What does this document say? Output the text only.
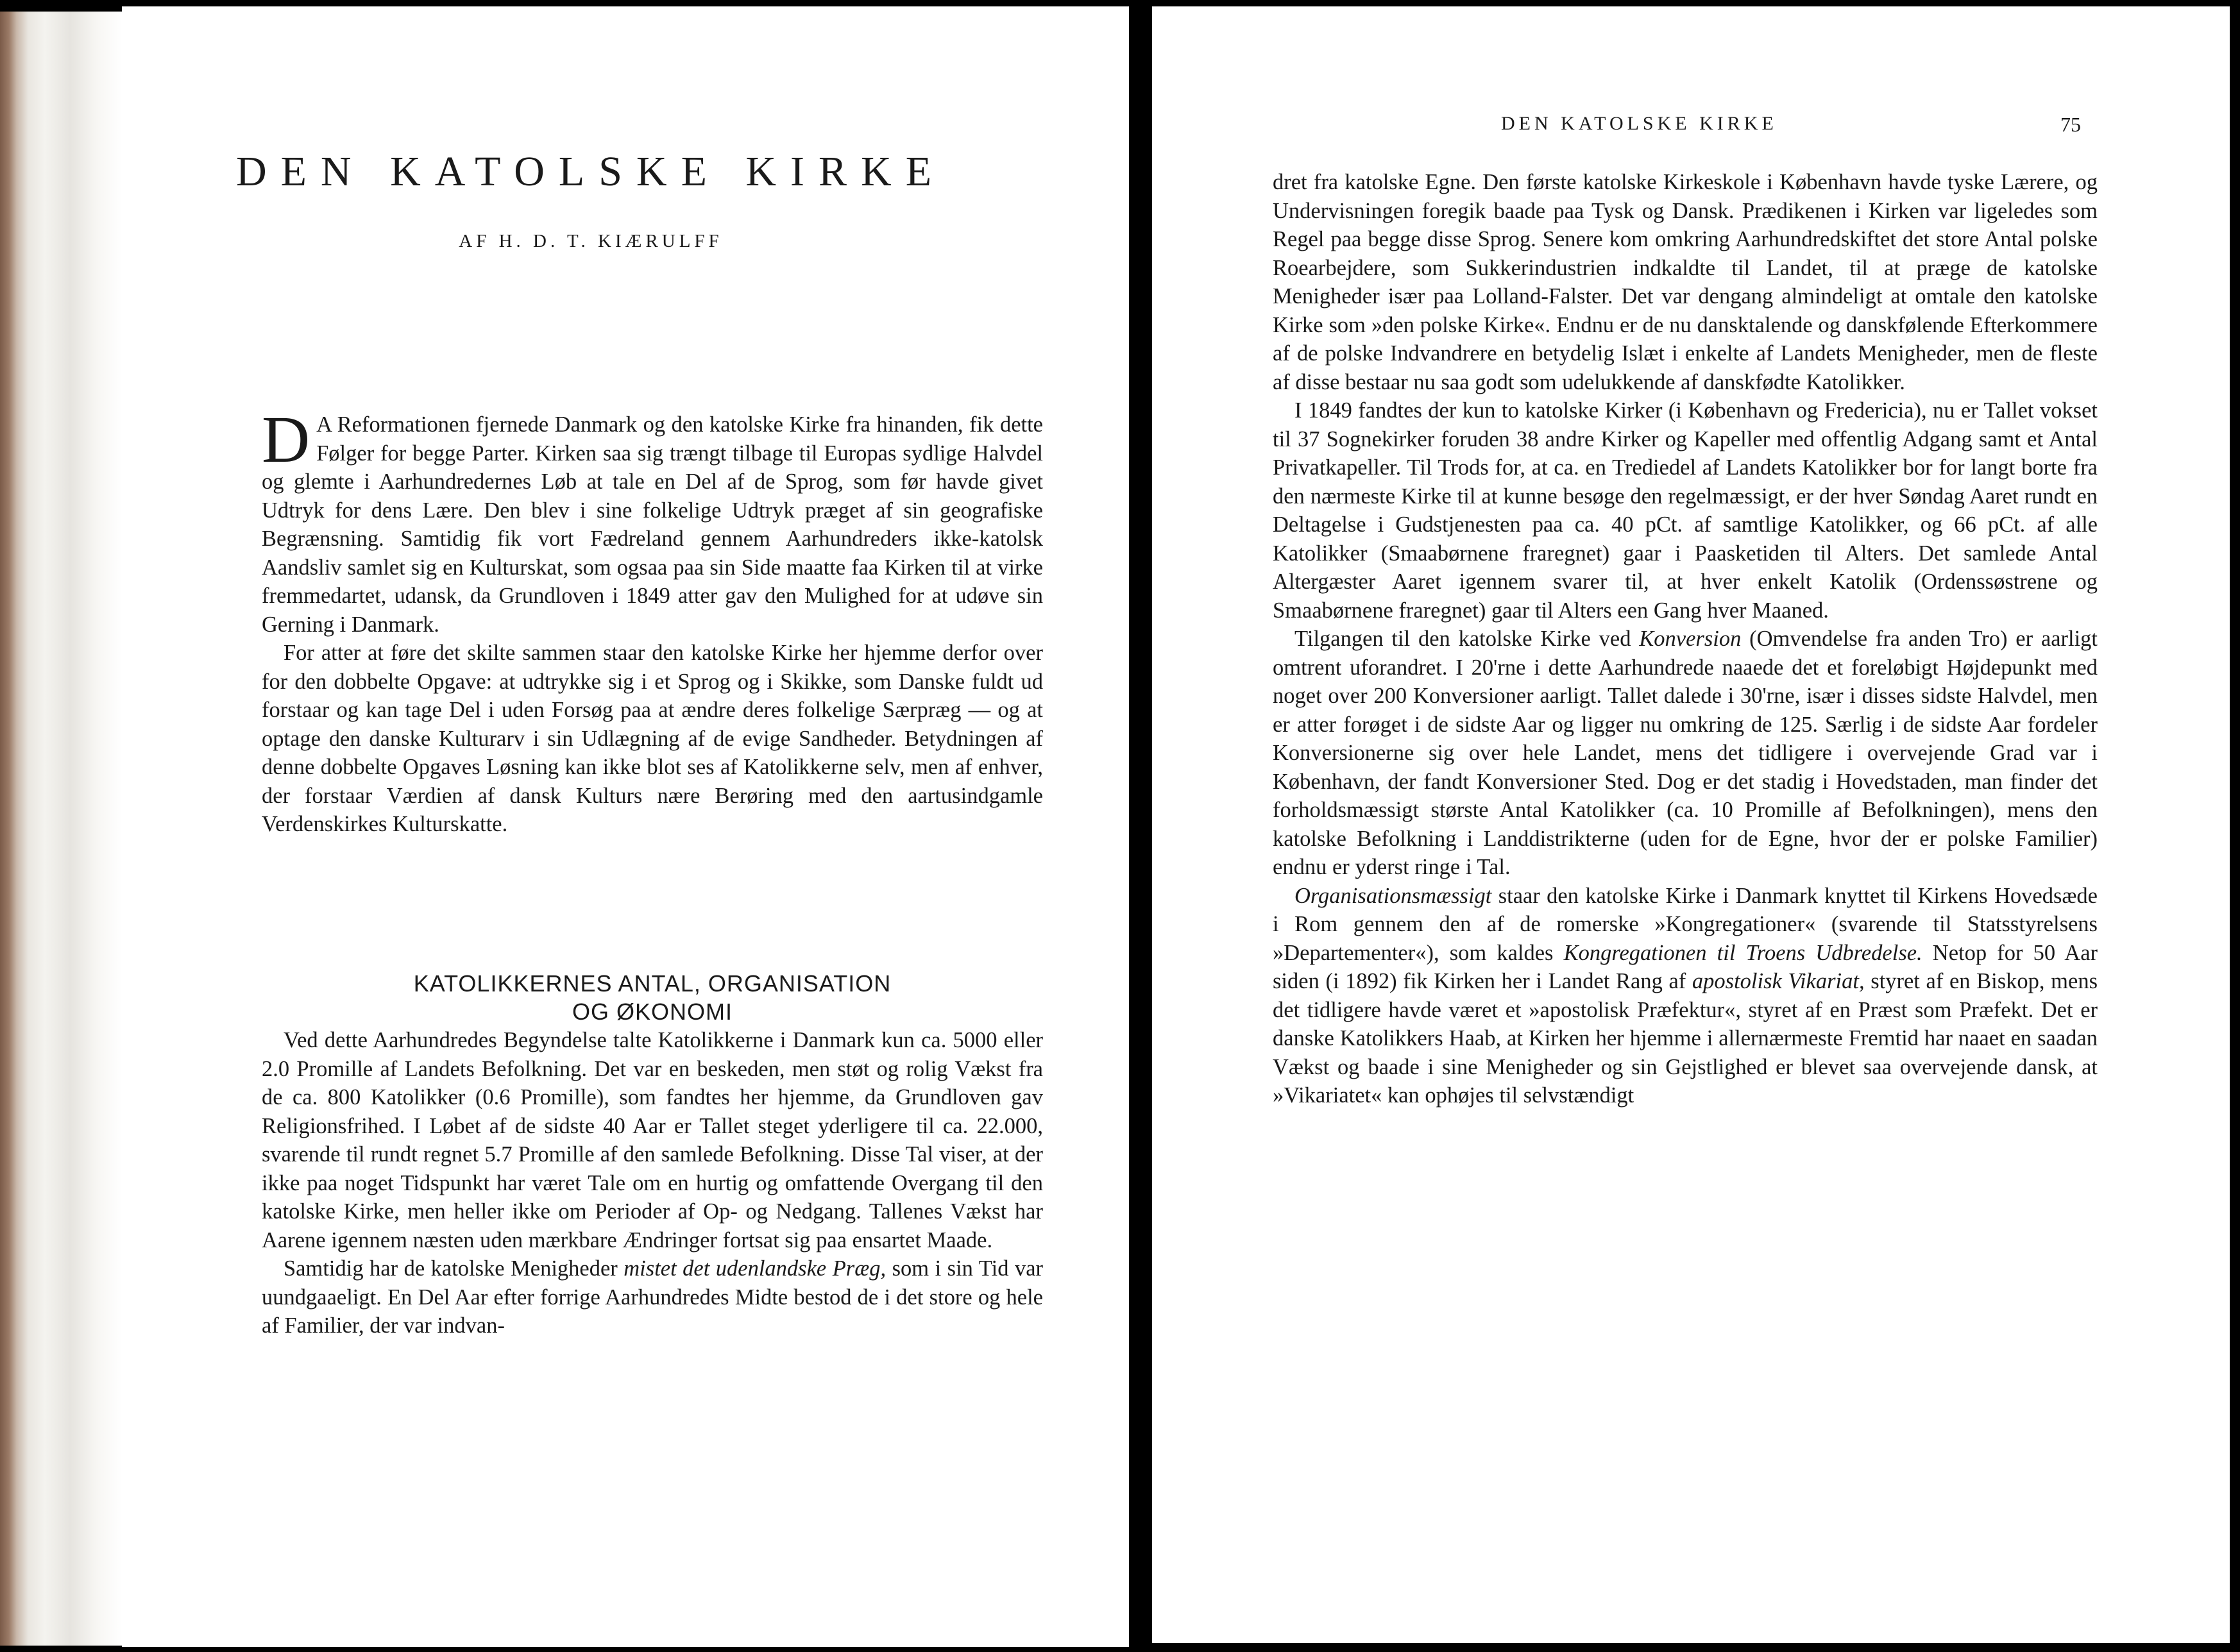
DEN KATOLSKE KIRKE
AF H. D. T. KIÆRULFF

D A Reformationen fjernede Danmark og den katolske Kirke fra hinanden, fik dette Følger for begge Parter. Kirken saa sig trængt tilbage til Europas sydlige Halvdel og glemte i Aarhundredernes Løb at tale en Del af de Sprog, som før havde givet Udtryk for dens Lære. Den blev i sine folkelige Udtryk præget af sin geografiske Begrænsning. Samtidig fik vort Fædreland gennem Aarhundreders ikke-katolsk Aandsliv samlet sig en Kulturskat, som ogsaa paa sin Side maatte faa Kirken til at virke fremmedartet, udansk, da Grundloven i 1849 atter gav den Mulighed for at udøve sin Gerning i Danmark.

For atter at føre det skilte sammen staar den katolske Kirke her hjemme derfor over for den dobbelte Opgave: at udtrykke sig i et Sprog og i Skikke, som Danske fuldt ud forstaar og kan tage Del i uden Forsøg paa at ændre deres folkelige Særpræg — og at optage den danske Kulturarv i sin Udlægning af de evige Sandheder. Betydningen af denne dobbelte Opgaves Løsning kan ikke blot ses af Katolikkerne selv, men af enhver, der forstaar Værdien af dansk Kulturs nære Berøring med den aartusindgamle Verdenskirkes Kulturskatte.

KATOLIKKERNES ANTAL, ORGANISATION
OG ØKONOMI

Ved dette Aarhundredes Begyndelse talte Katolikkerne i Danmark kun ca. 5000 eller 2.0 Promille af Landets Befolkning. Det var en beskeden, men støt og rolig Vækst fra de ca. 800 Katolikker (0.6 Promille), som fandtes her hjemme, da Grundloven gav Religionsfrihed. I Løbet af de sidste 40 Aar er Tallet steget yderligere til ca. 22.000, svarende til rundt regnet 5.7 Promille af den samlede Befolkning. Disse Tal viser, at der ikke paa noget Tidspunkt har været Tale om en hurtig og omfattende Overgang til den katolske Kirke, men heller ikke om Perioder af Op- og Nedgang. Tallenes Vækst har Aarene igennem næsten uden mærkbare Ændringer fortsat sig paa ensartet Maade.

Samtidig har de katolske Menigheder mistet det udenlandske Præg, som i sin Tid var uundgaaeligt. En Del Aar efter forrige Aarhundredes Midte bestod de i det store og hele af Familier, der var indvan-

DEN KATOLSKE KIRKE	75

dret fra katolske Egne. Den første katolske Kirkeskole i København havde tyske Lærere, og Undervisningen foregik baade paa Tysk og Dansk. Prædikenen i Kirken var ligeledes som Regel paa begge disse Sprog. Senere kom omkring Aarhundredskiftet det store Antal polske Roearbejdere, som Sukkerindustrien indkaldte til Landet, til at præge de katolske Menigheder især paa Lolland-Falster. Det var dengang almindeligt at omtale den katolske Kirke som »den polske Kirke«. Endnu er de nu dansktalende og danskfølende Efterkommere af de polske Indvandrere en betydelig Islæt i enkelte af Landets Menigheder, men de fleste af disse bestaar nu saa godt som udelukkende af danskfødte Katolikker.

I 1849 fandtes der kun to katolske Kirker (i København og Fredericia), nu er Tallet vokset til 37 Sognekirker foruden 38 andre Kirker og Kapeller med offentlig Adgang samt et Antal Privatkapeller. Til Trods for, at ca. en Trediedel af Landets Katolikker bor for langt borte fra den nærmeste Kirke til at kunne besøge den regelmæssigt, er der hver Søndag Aaret rundt en Deltagelse i Gudstjenesten paa ca. 40 pCt. af samtlige Katolikker, og 66 pCt. af alle Katolikker (Smaabørnene fraregnet) gaar i Paasketiden til Alters. Det samlede Antal Altergæster Aaret igennem svarer til, at hver enkelt Katolik (Ordenssøstrene og Smaabørnene fraregnet) gaar til Alters een Gang hver Maaned.

Tilgangen til den katolske Kirke ved Konversion (Omvendelse fra anden Tro) er aarligt omtrent uforandret. I 20'rne i dette Aarhundrede naaede det et foreløbigt Højdepunkt med noget over 200 Konversioner aarligt. Tallet dalede i 30'rne, især i disses sidste Halvdel, men er atter forøget i de sidste Aar og ligger nu omkring de 125. Særlig i de sidste Aar fordeler Konversionerne sig over hele Landet, mens det tidligere i overvejende Grad var i København, der fandt Konversioner Sted. Dog er det stadig i Hovedstaden, man finder det forholdsmæssigt største Antal Katolikker (ca. 10 Promille af Befolkningen), mens den katolske Befolkning i Landdistrikterne (uden for de Egne, hvor der er polske Familier) endnu er yderst ringe i Tal.

Organisationsmæssigt staar den katolske Kirke i Danmark knyttet til Kirkens Hovedsæde i Rom gennem den af de romerske »Kongregationer« (svarende til Statsstyrelsens »Departementer«), som kaldes Kongregationen til Troens Udbredelse. Netop for 50 Aar siden (i 1892) fik Kirken her i Landet Rang af apostolisk Vikariat, styret af en Biskop, mens det tidligere havde været et »apostolisk Præfektur«, styret af en Præst som Præfekt. Det er danske Katolikkers Haab, at Kirken her hjemme i allernærmeste Fremtid har naaet en saadan Vækst og baade i sine Menigheder og sin Gejstlighed er blevet saa overvejende dansk, at »Vikariatet« kan ophøjes til selvstændigt
